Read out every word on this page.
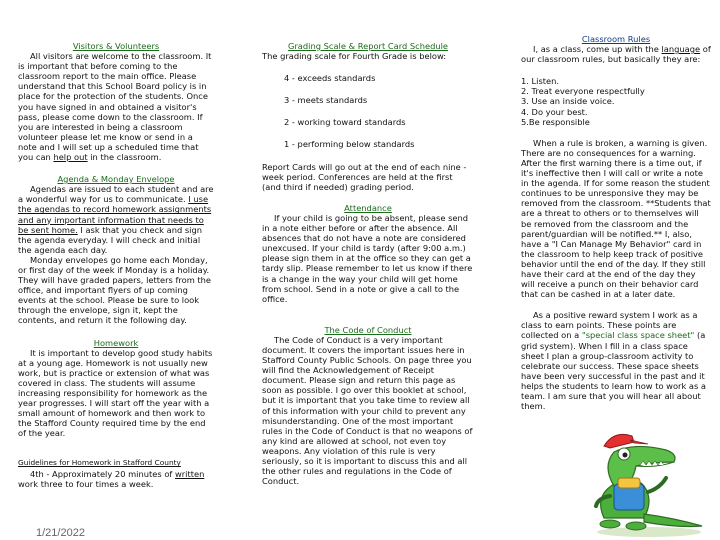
Visitors & Volunteers

All visitors are welcome to the classroom. It is important that before coming to the classroom report to the main office. Please understand that this School Board policy is in place for the protection of the students. Once you have signed in and obtained a visitor's pass, please come down to the classroom. If you are interested in being a classroom volunteer please let me know or send in a note and I will set up a scheduled time that you can help out in the classroom.

Agenda & Monday Envelope

Agendas are issued to each student and are a wonderful way for us to communicate. I use the agendas to record homework assignments and any important information that needs to be sent home. I ask that you check and sign the agenda everyday. I will check and initial the agenda each day.

Monday envelopes go home each Monday, or first day of the week if Monday is a holiday. They will have graded papers, letters from the office, and important flyers of up coming events at the school. Please be sure to look through the envelope, sign it, kept the contents, and return it the following day.

Homework

It is important to develop good study habits at a young age. Homework is not usually new work, but is practice or extension of what was covered in class. The students will assume increasing responsibility for homework as the year progresses. I will start off the year with a small amount of homework and then work to the Stafford County required time by the end of the year.

Guidelines for Homework in Stafford County

4th - Approximately 20 minutes of written work three to four times a week.

1/21/2022
Grading Scale & Report Card Schedule

The grading scale for Fourth Grade is below:

4 - exceeds standards

3 - meets standards

2 - working toward standards

1 - performing below standards

Report Cards will go out at the end of each nine -week period. Conferences are held at the first (and third if needed) grading period.

Attendance

If your child is going to be absent, please send in a note either before or after the absence. All absences that do not have a note are considered unexcused. If your child is tardy (after 9:00 a.m.) please sign them in at the office so they can get a tardy slip. Please remember to let us know if there is a change in the way your child will get home from school. Send in a note or give a call to the office.

The Code of Conduct

The Code of Conduct is a very important document. It covers the important issues here in Stafford County Public Schools. On page three you will find the Acknowledgement of Receipt document. Please sign and return this page as soon as possible. I go over this booklet at school, but it is important that you take time to review all of this information with your child to prevent any misunderstanding. One of the most important rules in the Code of Conduct is that no weapons of any kind are allowed at school, not even toy weapons. Any violation of this rule is very seriously, so it is important to discuss this and all the other rules and regulations in the Code of Conduct.

Classroom Rules

I, as a class, come up with the language of our classroom rules, but basically they are:

1. Listen.
2. Treat everyone respectfully
3. Use an inside voice.
4. Do your best.
5.Be responsible

When a rule is broken, a warning is given. There are no consequences for a warning. After the first warning there is a time out, if it's ineffective then I will call or write a note in the agenda. If for some reason the student continues to be unresponsive they may be removed from the classroom. **Students that are a threat to others or to themselves will be removed from the classroom and the parent/guardian will be notified.** I, also, have a "I Can Manage My Behavior" card in the classroom to help keep track of positive behavior until the end of the day. If they still have their card at the end of the day they will receive a punch on their behavior card that can be cashed in at a later date.

As a positive reward system I work as a class to earn points. These points are collected on a "special class space sheet" (a grid system). When I fill in a class space sheet I plan a group-classroom activity to celebrate our success. These space sheets have been very successful in the past and it helps the students to learn how to work as a team. I am sure that you will hear all about them.
